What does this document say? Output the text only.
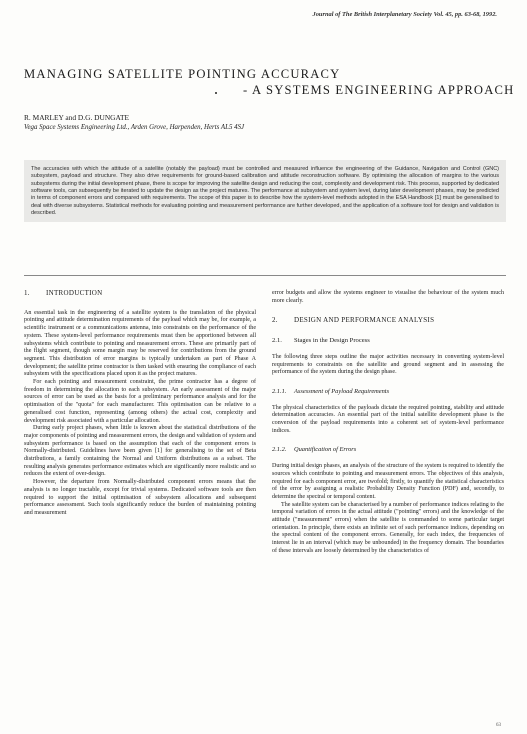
Journal of The British Interplanetary Society Vol. 45, pp. 63-68, 1992.
MANAGING SATELLITE POINTING ACCURACY
- A SYSTEMS ENGINEERING APPROACH
R. MARLEY and D.G. DUNGATE
Vega Space Systems Engineering Ltd., Arden Grove, Harpenden, Herts AL5 4SJ

The accuracies with which the attitude of a satellite (notably the payload) must be controlled and measured influence the engineering of the Guidance, Navigation and Control (GNC) subsystem, payload and structure. They also drive requirements for ground-based calibration and attitude reconstruction software. By optimising the allocation of margins to the various subsystems during the initial development phase, there is scope for improving the satellite design and reducing the cost, complexity and development risk. This process, supported by dedicated software tools, can subsequently be iterated to update the design as the project matures. The performance at subsystem and system level, during later development phases, may be predicted in terms of component errors and compared with requirements. The scope of this paper is to describe how the system-level methods adopted in the ESA Handbook [1] must be generalised to deal with diverse subsystems. Statistical methods for evaluating pointing and measurement performance are further developed, and the application of a software tool for design and validation is described.

1. INTRODUCTION

An essential task in the engineering of a satellite system is the translation of the physical pointing and attitude determination requirements of the payload which may be, for example, a scientific instrument or a communications antenna, into constraints on the performance of the system. These system-level performance requirements must then be apportioned between all subsystems which contribute to pointing and measurement errors. These are primarily part of the flight segment, though some margin may be reserved for contributions from the ground segment. This distribution of error margins is typically undertaken as part of Phase A development; the satellite prime contractor is then tasked with ensuring the compliance of each subsystem with the specifications placed upon it as the project matures.

For each pointing and measurement constraint, the prime contractor has a degree of freedom in determining the allocation to each subsystem. An early assessment of the major sources of error can be used as the basis for a preliminary performance analysis and for the optimisation of the "quota" for each manufacturer. This optimisation can be relative to a generalised cost function, representing (among others) the actual cost, complexity and development risk associated with a particular allocation.

During early project phases, when little is known about the statistical distributions of the major components of pointing and measurement errors, the design and validation of system and subsystem performance is based on the assumption that each of the component errors is Normally-distributed. Guidelines have been given [1] for generalising to the set of Beta distributions, a family containing the Normal and Uniform distributions as a subset. The resulting analysis generates performance estimates which are significantly more realistic and so reduces the extent of over-design.

However, the departure from Normally-distributed component errors means that the analysis is no longer tractable, except for trivial systems. Dedicated software tools are then required to support the initial optimisation of subsystem allocations and subsequent performance assessment. Such tools significantly reduce the burden of maintaining pointing and measurement

error budgets and allow the systems engineer to visualise the behaviour of the system much more clearly.

2. DESIGN AND PERFORMANCE ANALYSIS
2.1. Stages in the Design Process

The following three steps outline the major activities necessary in converting system-level requirements to constraints on the satellite and ground segment and in assessing the performance of the system during the design phase.

2.1.1. Assessment of Payload Requirements

The physical characteristics of the payloads dictate the required pointing, stability and attitude determination accuracies. An essential part of the initial satellite development phase is the conversion of the payload requirements into a coherent set of system-level performance indices.

2.1.2. Quantification of Errors

During initial design phases, an analysis of the structure of the system is required to identify the sources which contribute to pointing and measurement errors. The objectives of this analysis, required for each component error, are twofold; firstly, to quantify the statistical characteristics of the error by assigning a realistic Probability Density Function (PDF) and, secondly, to determine the spectral or temporal content.

The satellite system can be characterised by a number of performance indices relating to the temporal variation of errors in the actual attitude ("pointing" errors) and the knowledge of the attitude ("measurement" errors) when the satellite is commanded to some particular target orientation. In principle, there exists an infinite set of such performance indices, depending on the spectral content of the component errors. Generally, for each index, the frequencies of interest lie in an interval (which may be unbounded) in the frequency domain. The boundaries of these intervals are loosely determined by the characteristics of

63
